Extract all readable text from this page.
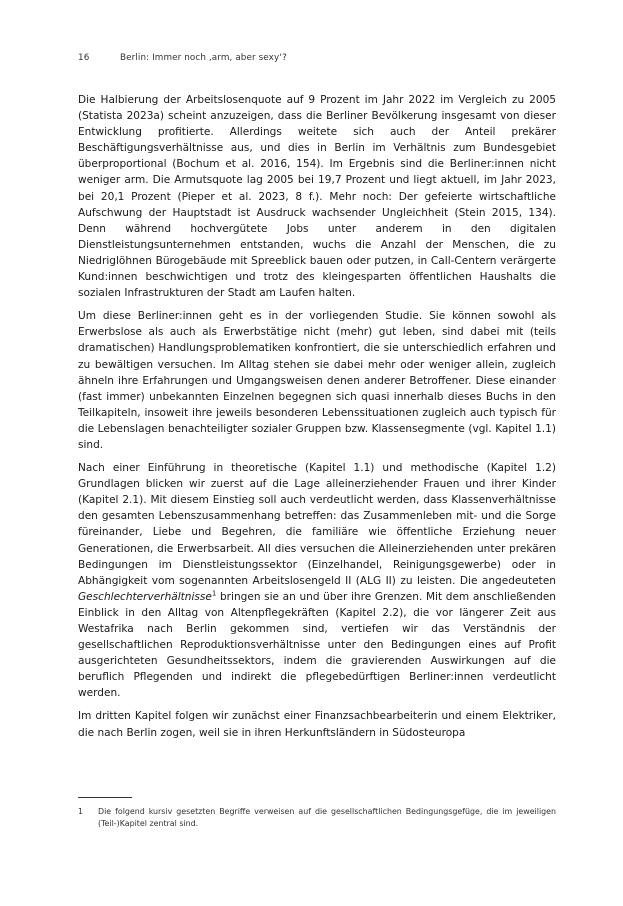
16	Berlin: Immer noch ‚arm, aber sexy‘?

Die Halbierung der Arbeitslosenquote auf 9 Prozent im Jahr 2022 im Vergleich zu 2005 (Statista 2023a) scheint anzuzeigen, dass die Berliner Bevölkerung insgesamt von dieser Entwicklung profitierte. Allerdings weitete sich auch der Anteil prekärer Beschäftigungsverhältnisse aus, und dies in Berlin im Verhältnis zum Bundesgebiet überproportional (Bochum et al. 2016, 154). Im Ergebnis sind die Berliner:innen nicht weniger arm. Die Armutsquote lag 2005 bei 19,7 Prozent und liegt aktuell, im Jahr 2023, bei 20,1 Prozent (Pieper et al. 2023, 8 f.). Mehr noch: Der gefeierte wirtschaftliche Aufschwung der Hauptstadt ist Ausdruck wachsender Ungleichheit (Stein 2015, 134). Denn während hochvergütete Jobs unter anderem in den digitalen Dienstleistungsunternehmen entstanden, wuchs die Anzahl der Menschen, die zu Niedriglöhnen Bürogebäude mit Spreeblick bauen oder putzen, in Call-Centern verärgerte Kund:innen beschwichtigen und trotz des kleingesparten öffentlichen Haushalts die sozialen Infrastrukturen der Stadt am Laufen halten.

Um diese Berliner:innen geht es in der vorliegenden Studie. Sie können sowohl als Erwerbslose als auch als Erwerbstätige nicht (mehr) gut leben, sind dabei mit (teils dramatischen) Handlungsproblematiken konfrontiert, die sie unterschiedlich erfahren und zu bewältigen versuchen. Im Alltag stehen sie dabei mehr oder weniger allein, zugleich ähneln ihre Erfahrungen und Umgangsweisen denen anderer Betroffener. Diese einander (fast immer) unbekannten Einzelnen begegnen sich quasi innerhalb dieses Buchs in den Teilkapiteln, insoweit ihre jeweils besonderen Lebenssituationen zugleich auch typisch für die Lebenslagen benachteiligter sozialer Gruppen bzw. Klassensegmente (vgl. Kapitel 1.1) sind.

Nach einer Einführung in theoretische (Kapitel 1.1) und methodische (Kapitel 1.2) Grundlagen blicken wir zuerst auf die Lage alleinerziehender Frauen und ihrer Kinder (Kapitel 2.1). Mit diesem Einstieg soll auch verdeutlicht werden, dass Klassenverhältnisse den gesamten Lebenszusammenhang betreffen: das Zusammenleben mit- und die Sorge füreinander, Liebe und Begehren, die familiäre wie öffentliche Erziehung neuer Generationen, die Erwerbsarbeit. All dies versuchen die Alleinerziehenden unter prekären Bedingungen im Dienstleistungssektor (Einzelhandel, Reinigungsgewerbe) oder in Abhängigkeit vom sogenannten Arbeitslosengeld II (ALG II) zu leisten. Die angedeuteten Geschlechterverhältnisse$^1$ bringen sie an und über ihre Grenzen. Mit dem anschließenden Einblick in den Alltag von Altenpflegekräften (Kapitel 2.2), die vor längerer Zeit aus Westafrika nach Berlin gekommen sind, vertiefen wir das Verständnis der gesellschaftlichen Reproduktionsverhältnisse unter den Bedingungen eines auf Profit ausgerichteten Gesundheitssektors, indem die gravierenden Auswirkungen auf die beruflich Pflegenden und indirekt die pflegebedürftigen Berliner:innen verdeutlicht werden.

Im dritten Kapitel folgen wir zunächst einer Finanzsachbearbeiterin und einem Elektriker, die nach Berlin zogen, weil sie in ihren Herkunftsländern in Südosteuropa

1	Die folgend kursiv gesetzten Begriffe verweisen auf die gesellschaftlichen Bedingungsgefüge, die im jeweiligen (Teil-)Kapitel zentral sind.
